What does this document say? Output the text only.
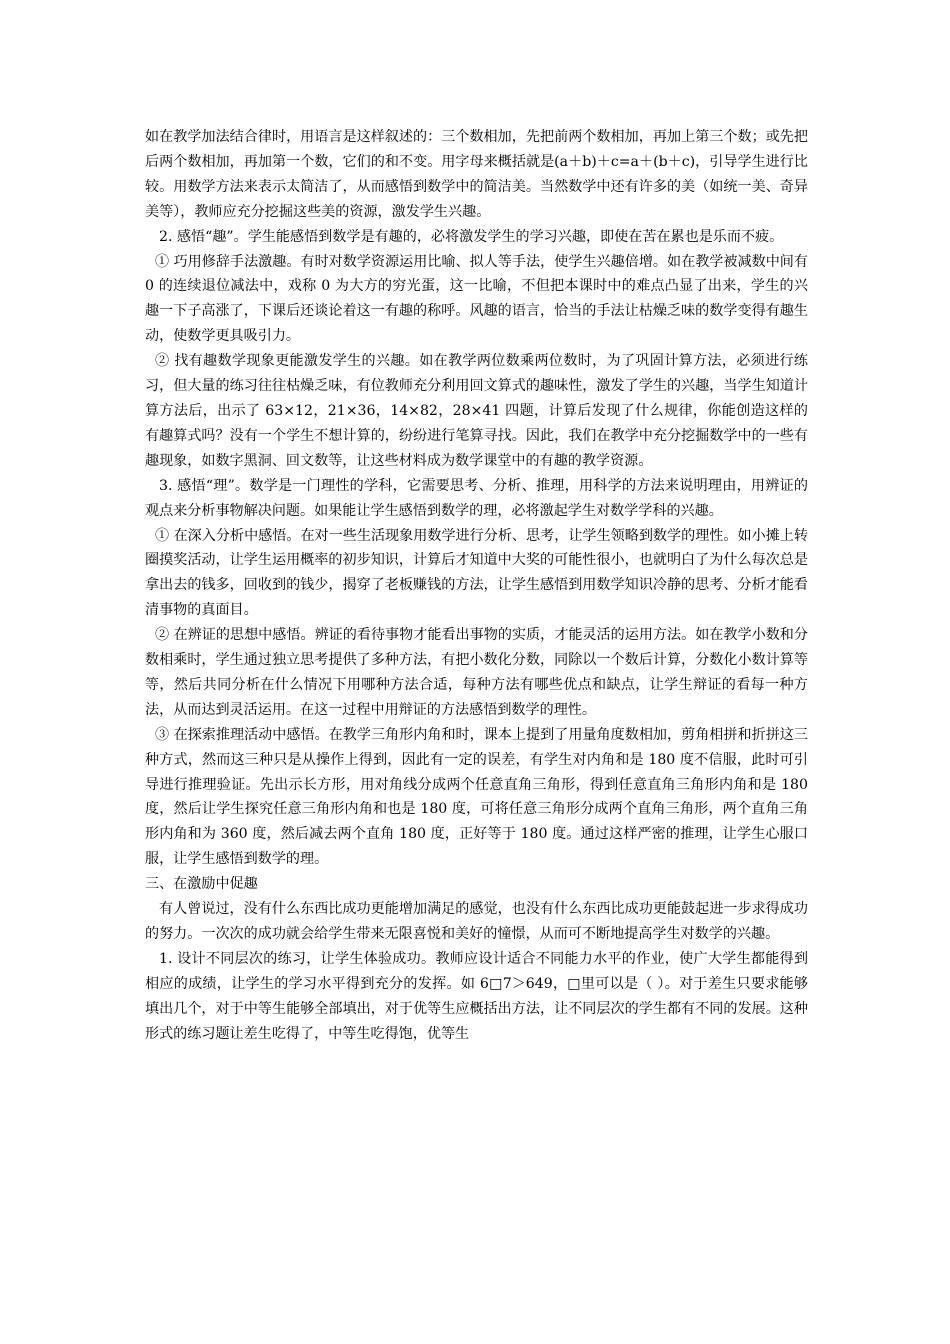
如在教学加法结合律时，用语言是这样叙述的：三个数相加，先把前两个数相加，再加上第三个数；或先把后两个数相加，再加第一个数，它们的和不变。用字母来概括就是(a＋b)＋c=a＋(b＋c)，引导学生进行比较。用数学方法来表示太简洁了，从而感悟到数学中的简洁美。当然数学中还有许多的美（如统一美、奇异美等），教师应充分挖掘这些美的资源，激发学生兴趣。

2. 感悟“趣”。学生能感悟到数学是有趣的，必将激发学生的学习兴趣，即使在苦在累也是乐而不疲。

① 巧用修辞手法激趣。有时对数学资源运用比喻、拟人等手法，使学生兴趣倍增。如在教学被减数中间有 0 的连续退位减法中，戏称 0 为大方的穷光蛋，这一比喻，不但把本课时中的难点凸显了出来，学生的兴趣一下子高涨了，下课后还谈论着这一有趣的称呼。风趣的语言，恰当的手法让枯燥乏味的数学变得有趣生动，使数学更具吸引力。

② 找有趣数学现象更能激发学生的兴趣。如在教学两位数乘两位数时，为了巩固计算方法，必须进行练习，但大量的练习往往枯燥乏味，有位教师充分利用回文算式的趣味性，激发了学生的兴趣，当学生知道计算方法后，出示了 63×12，21×36，14×82，28×41 四题，计算后发现了什么规律，你能创造这样的有趣算式吗？没有一个学生不想计算的，纷纷进行笔算寻找。因此，我们在教学中充分挖掘数学中的一些有趣现象，如数字黑洞、回文数等，让这些材料成为数学课堂中的有趣的教学资源。

3. 感悟“理”。数学是一门理性的学科，它需要思考、分析、推理，用科学的方法来说明理由，用辨证的观点来分析事物解决问题。如果能让学生感悟到数学的理，必将激起学生对数学学科的兴趣。

① 在深入分析中感悟。在对一些生活现象用数学进行分析、思考，让学生领略到数学的理性。如小摊上转圈摸奖活动，让学生运用概率的初步知识，计算后才知道中大奖的可能性很小，也就明白了为什么每次总是拿出去的钱多，回收到的钱少，揭穿了老板赚钱的方法，让学生感悟到用数学知识冷静的思考、分析才能看清事物的真面目。

② 在辨证的思想中感悟。辨证的看待事物才能看出事物的实质，才能灵活的运用方法。如在教学小数和分数相乘时，学生通过独立思考提供了多种方法，有把小数化分数，同除以一个数后计算，分数化小数计算等等，然后共同分析在什么情况下用哪种方法合适，每种方法有哪些优点和缺点，让学生辩证的看每一种方法，从而达到灵活运用。在这一过程中用辩证的方法感悟到数学的理性。

③ 在探索推理活动中感悟。在教学三角形内角和时，课本上提到了用量角度数相加，剪角相拼和折拼这三种方式，然而这三种只是从操作上得到，因此有一定的误差，有学生对内角和是 180 度不信服，此时可引导进行推理验证。先出示长方形，用对角线分成两个任意直角三角形，得到任意直角三角形内角和是 180 度，然后让学生探究任意三角形内角和也是 180 度，可将任意三角形分成两个直角三角形，两个直角三角形内角和为 360 度，然后减去两个直角 180 度，正好等于 180 度。通过这样严密的推理，让学生心服口服，让学生感悟到数学的理。

三、在激励中促趣

有人曾说过，没有什么东西比成功更能增加满足的感觉，也没有什么东西比成功更能鼓起进一步求得成功的努力。一次次的成功就会给学生带来无限喜悦和美好的憧憬，从而可不断地提高学生对数学的兴趣。

1. 设计不同层次的练习，让学生体验成功。教师应设计适合不同能力水平的作业，使广大学生都能得到相应的成绩，让学生的学习水平得到充分的发挥。如 6□7＞649，□里可以是（ ）。对于差生只要求能够填出几个，对于中等生能够全部填出，对于优等生应概括出方法，让不同层次的学生都有不同的发展。这种形式的练习题让差生吃得了，中等生吃得饱，优等生
